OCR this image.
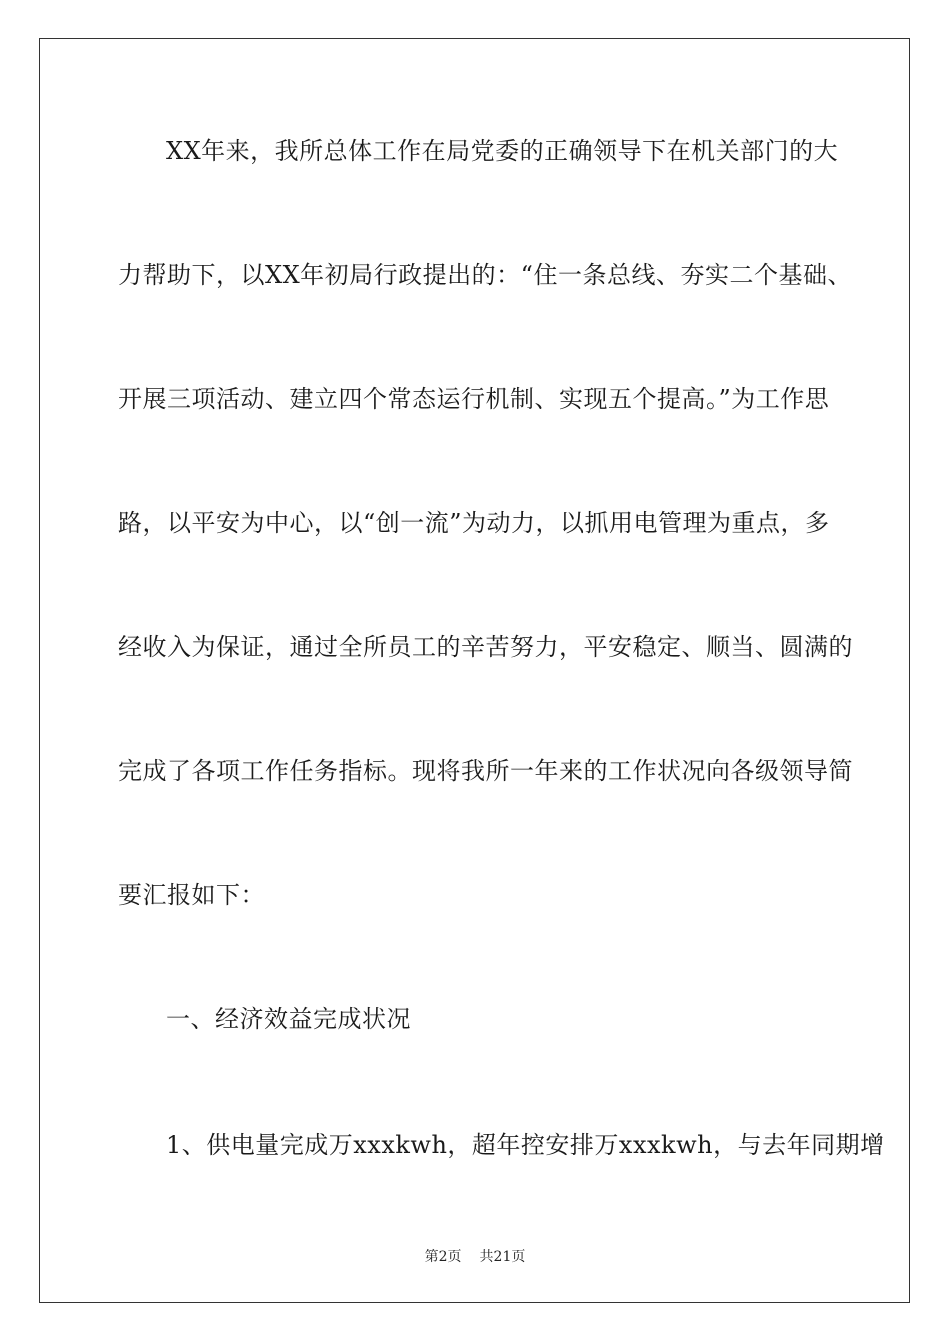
XX年来，我所总体工作在局党委的正确领导下在机关部门的大
力帮助下，以XX年初局行政提出的：“住一条总线、夯实二个基础、
开展三项活动、建立四个常态运行机制、实现五个提高。”为工作思
路，以平安为中心，以“创一流”为动力，以抓用电管理为重点，多
经收入为保证，通过全所员工的辛苦努力，平安稳定、顺当、圆满的
完成了各项工作任务指标。现将我所一年来的工作状况向各级领导简
要汇报如下：
一、经济效益完成状况
1、供电量完成万xxxkwh，超年控安排万xxxkwh，与去年同期增
第2页 共21页
